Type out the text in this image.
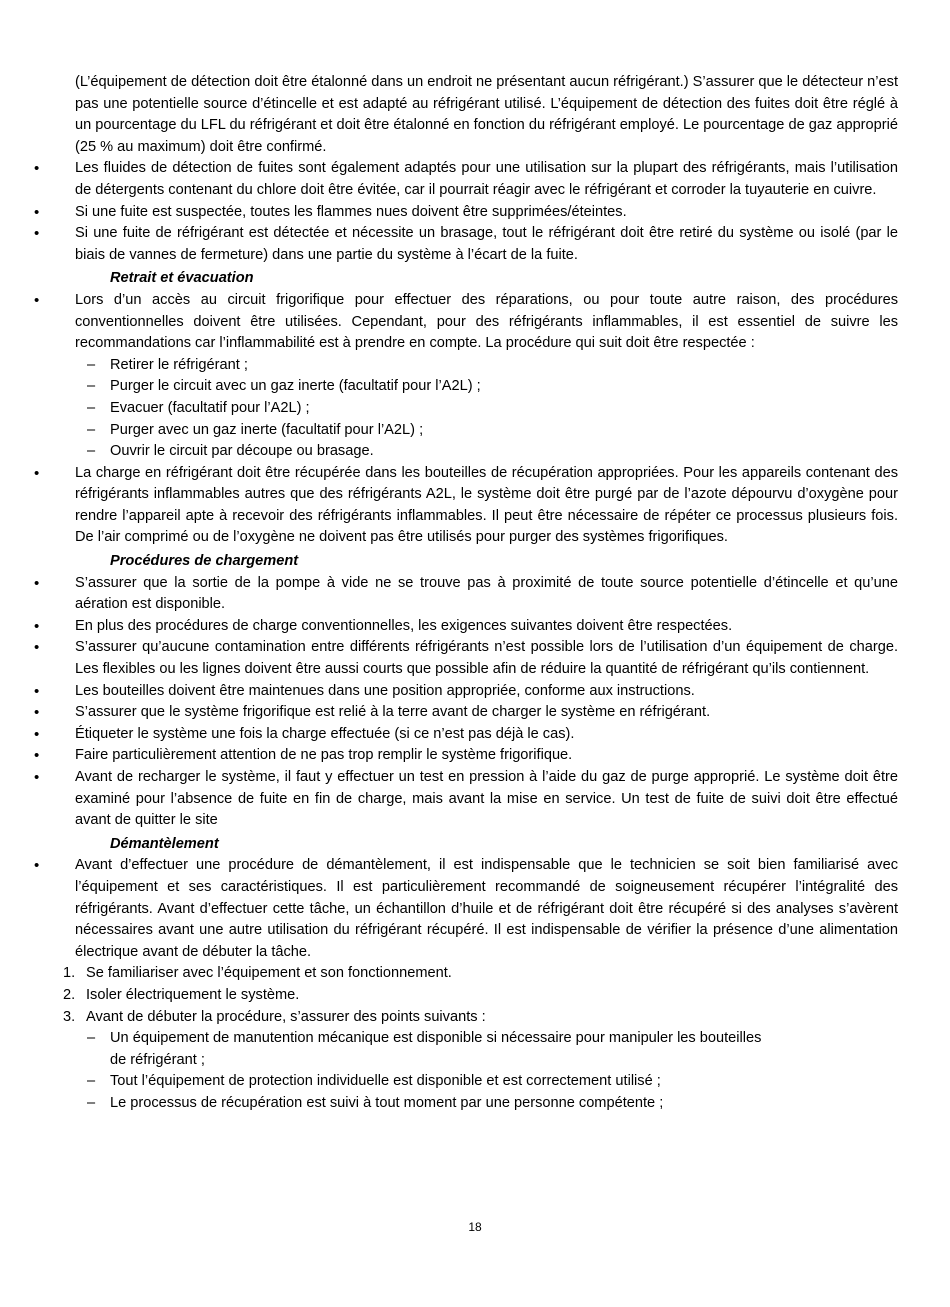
(L’équipement de détection doit être étalonné dans un endroit ne présentant aucun réfrigérant.) S’assurer que le détecteur n’est pas une potentielle source d’étincelle et est adapté au réfrigérant utilisé. L’équipement de détection des fuites doit être réglé à un pourcentage du LFL du réfrigérant et doit être étalonné en fonction du réfrigérant employé. Le pourcentage de gaz approprié (25 % au maximum) doit être confirmé.

• Les fluides de détection de fuites sont également adaptés pour une utilisation sur la plupart des réfrigérants, mais l’utilisation de détergents contenant du chlore doit être évitée, car il pourrait réagir avec le réfrigérant et corroder la tuyauterie en cuivre.
• Si une fuite est suspectée, toutes les flammes nues doivent être supprimées/éteintes.
• Si une fuite de réfrigérant est détectée et nécessite un brasage, tout le réfrigérant doit être retiré du système ou isolé (par le biais de vannes de fermeture) dans une partie du système à l’écart de la fuite.
Retrait et évacuation
• Lors d’un accès au circuit frigorifique pour effectuer des réparations, ou pour toute autre raison, des procédures conventionnelles doivent être utilisées. Cependant, pour des réfrigérants inflammables, il est essentiel de suivre les recommandations car l’inflammabilité est à prendre en compte. La procédure qui suit doit être respectée :
– Retirer le réfrigérant ;
– Purger le circuit avec un gaz inerte (facultatif pour l’A2L) ;
– Evacuer (facultatif pour l’A2L) ;
– Purger avec un gaz inerte (facultatif pour l’A2L) ;
– Ouvrir le circuit par découpe ou brasage.
• La charge en réfrigérant doit être récupérée dans les bouteilles de récupération appropriées. Pour les appareils contenant des réfrigérants inflammables autres que des réfrigérants A2L, le système doit être purgé par de l’azote dépourvu d’oxygène pour rendre l’appareil apte à recevoir des réfrigérants inflammables. Il peut être nécessaire de répéter ce processus plusieurs fois. De l’air comprimé ou de l’oxygène ne doivent pas être utilisés pour purger des systèmes frigorifiques.
Procédures de chargement
• S’assurer que la sortie de la pompe à vide ne se trouve pas à proximité de toute source potentielle d’étincelle et qu’une aération est disponible.
• En plus des procédures de charge conventionnelles, les exigences suivantes doivent être respectées.
• S’assurer qu’aucune contamination entre différents réfrigérants n’est possible lors de l’utilisation d’un équipement de charge. Les flexibles ou les lignes doivent être aussi courts que possible afin de réduire la quantité de réfrigérant qu’ils contiennent.
• Les bouteilles doivent être maintenues dans une position appropriée, conforme aux instructions.
• S’assurer que le système frigorifique est relié à la terre avant de charger le système en réfrigérant.
• Étiqueter le système une fois la charge effectuée (si ce n’est pas déjà le cas).
• Faire particulièrement attention de ne pas trop remplir le système frigorifique.
• Avant de recharger le système, il faut y effectuer un test en pression à l’aide du gaz de purge approprié. Le système doit être examiné pour l’absence de fuite en fin de charge, mais avant la mise en service. Un test de fuite de suivi doit être effectué avant de quitter le site
Démantèlement
• Avant d’effectuer une procédure de démantèlement, il est indispensable que le technicien se soit bien familiarisé avec l’équipement et ses caractéristiques. Il est particulièrement recommandé de soigneusement récupérer l’intégralité des réfrigérants. Avant d’effectuer cette tâche, un échantillon d’huile et de réfrigérant doit être récupéré si des analyses s’avèrent nécessaires avant une autre utilisation du réfrigérant récupéré. Il est indispensable de vérifier la présence d’une alimentation électrique avant de débuter la tâche.
1. Se familiariser avec l’équipement et son fonctionnement.
2. Isoler électriquement le système.
3. Avant de débuter la procédure, s’assurer des points suivants :
– Un équipement de manutention mécanique est disponible si nécessaire pour manipuler les bouteilles
de réfrigérant ;
– Tout l’équipement de protection individuelle est disponible et est correctement utilisé ;
– Le processus de récupération est suivi à tout moment par une personne compétente ;
18
